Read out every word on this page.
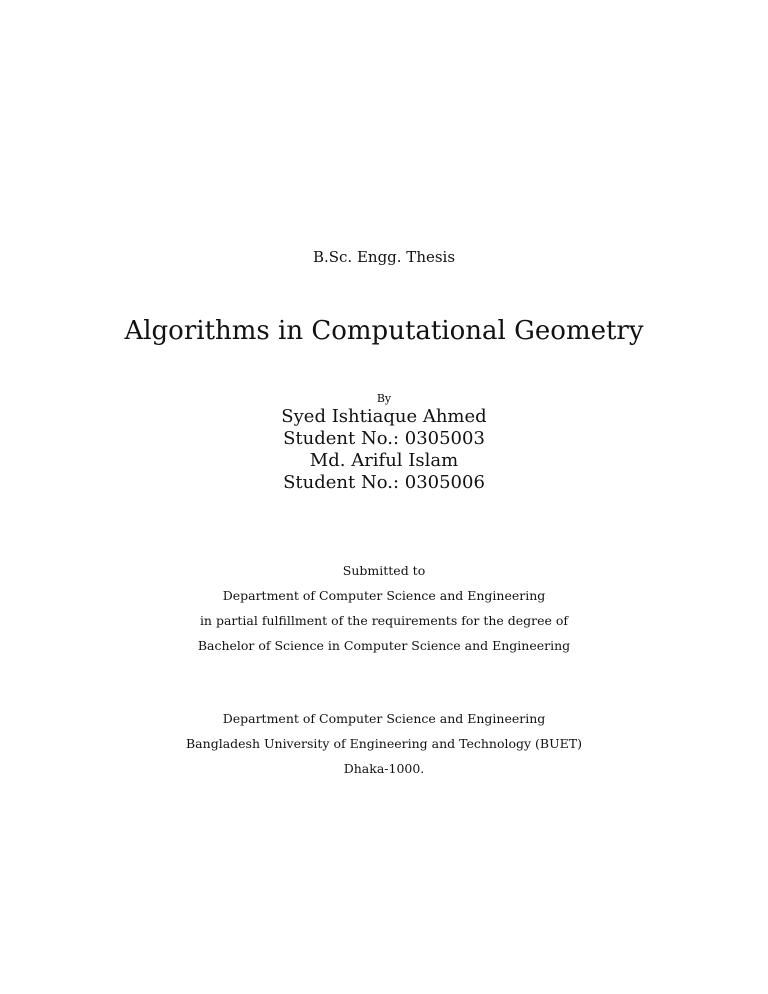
B.Sc. Engg. Thesis
Algorithms in Computational Geometry
By
Syed Ishtiaque Ahmed
Student No.: 0305003
Md. Ariful Islam
Student No.: 0305006
Submitted to
Department of Computer Science and Engineering
in partial fulfillment of the requirements for the degree of
Bachelor of Science in Computer Science and Engineering
Department of Computer Science and Engineering
Bangladesh University of Engineering and Technology (BUET)
Dhaka-1000.
